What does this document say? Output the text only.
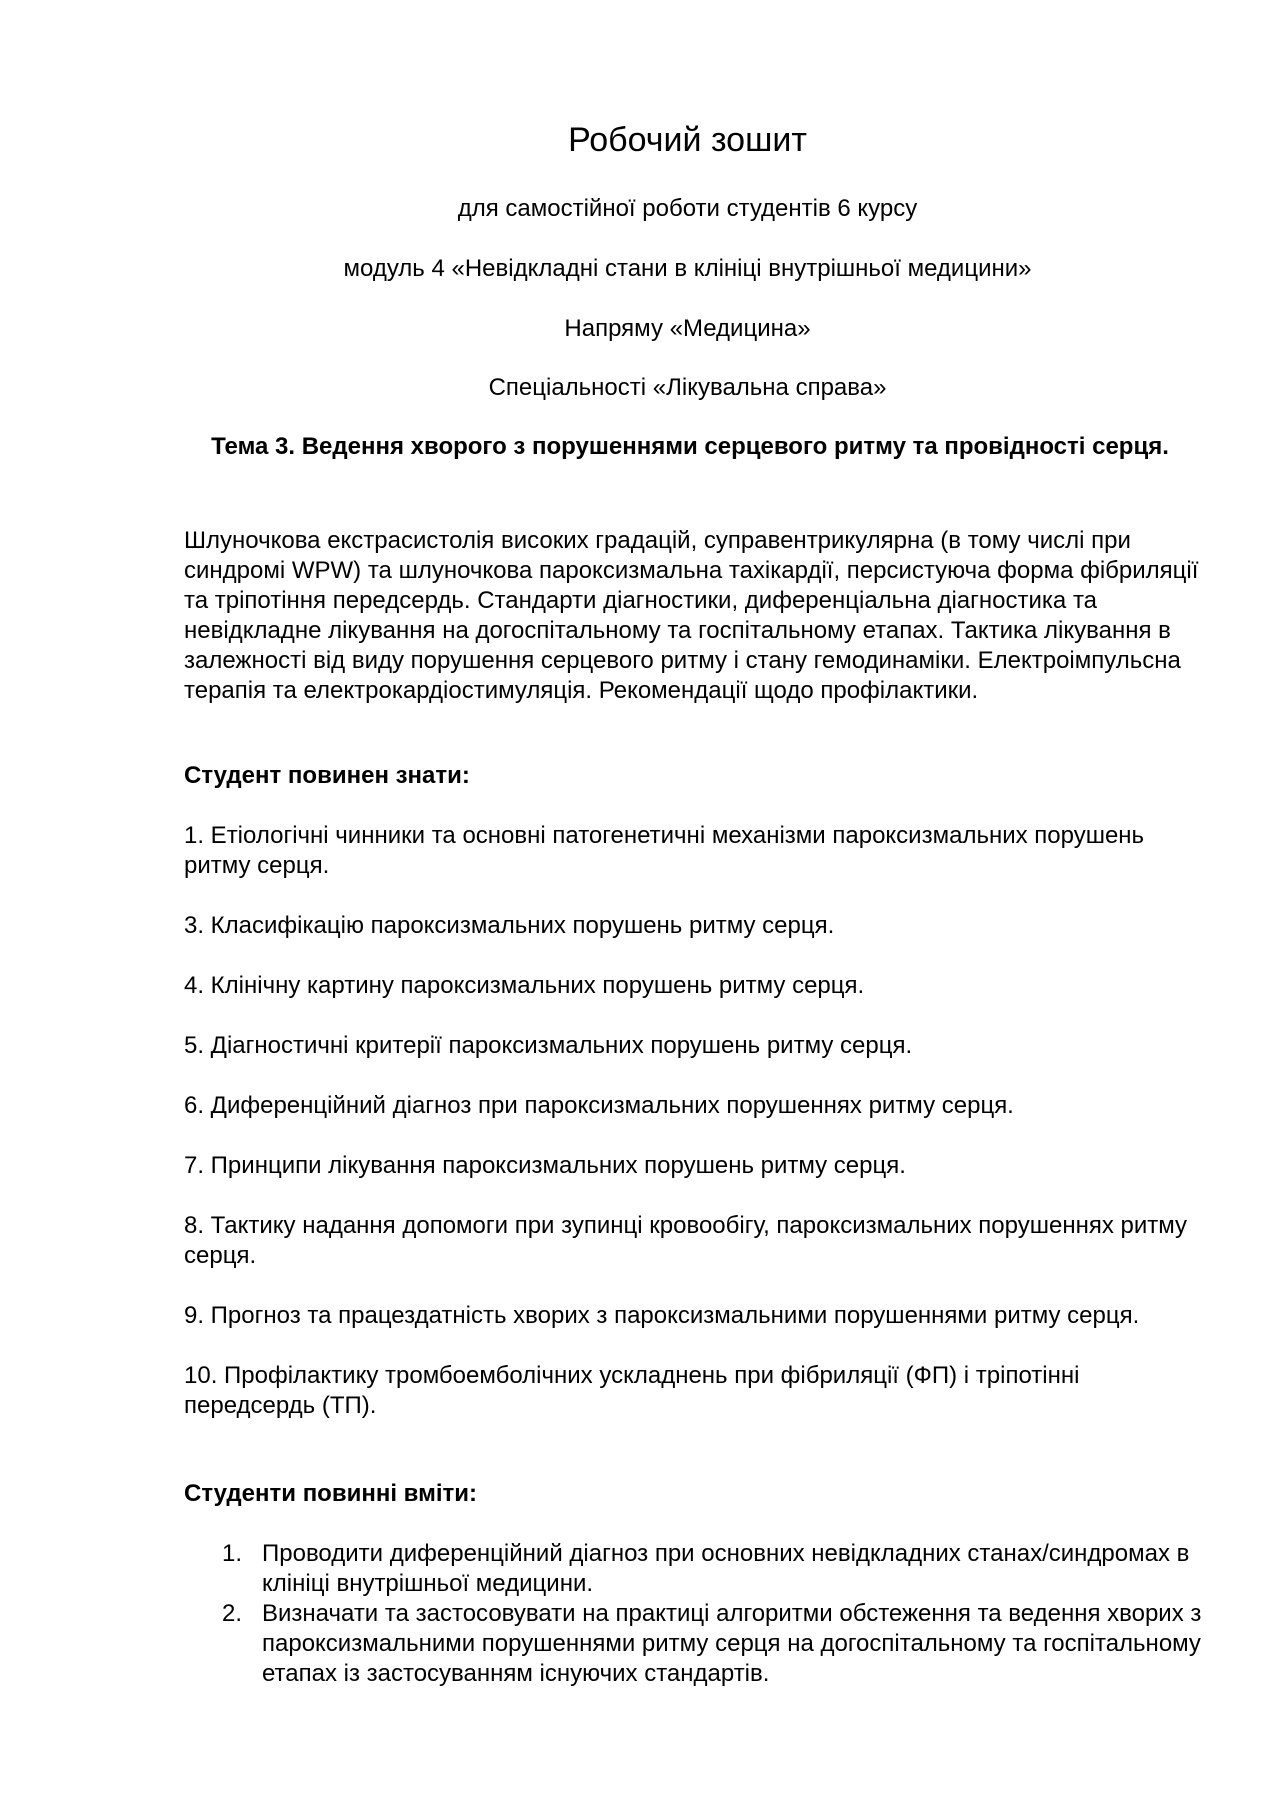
Робочий зошит
для самостійної роботи студентів 6 курсу
модуль 4 «Невідкладні стани в клініці внутрішньої медицини»
Напряму «Медицина»
Спеціальності «Лікувальна справа»
Тема 3. Ведення хворого з порушеннями серцевого ритму та провідності серця.
Шлуночкова екстрасистолія високих градацій, суправентрикулярна (в тому числі при синдромі WPW) та шлуночкова пароксизмальна тахікардії, персистуюча форма фібриляції та тріпотіння передсердь. Стандарти діагностики, диференціальна діагностика та невідкладне лікування на догоспітальному та госпітальному етапах. Тактика лікування в залежності від виду порушення серцевого ритму і стану гемодинаміки. Електроімпульсна терапія та електрокардіостимуляція. Рекомендації щодо профілактики.
Студент повинен знати:
1. Етіологічні чинники та основні патогенетичні механізми пароксизмальних порушень ритму серця.
3. Класифікацію пароксизмальних порушень ритму серця.
4. Клінічну картину пароксизмальних порушень ритму серця.
5. Діагностичні критерії пароксизмальних порушень ритму серця.
6. Диференційний діагноз при пароксизмальних порушеннях ритму серця.
7. Принципи лікування пароксизмальних порушень ритму серця.
8. Тактику надання допомоги при зупинці кровообігу, пароксизмальних порушеннях ритму серця.
9. Прогноз та працездатність хворих з пароксизмальними порушеннями ритму серця.
10. Профілактику тромбоемболічних ускладнень при фібриляції (ФП) і тріпотінні передсердь (ТП).
Студенти повинні вміти:
1. Проводити диференційний діагноз при основних невідкладних станах/синдромах в клініці внутрішньої медицини.
2. Визначати та застосовувати на практиці алгоритми обстеження та ведення хворих з пароксизмальними порушеннями ритму серця на догоспітальному та госпітальному етапах із застосуванням існуючих стандартів.
